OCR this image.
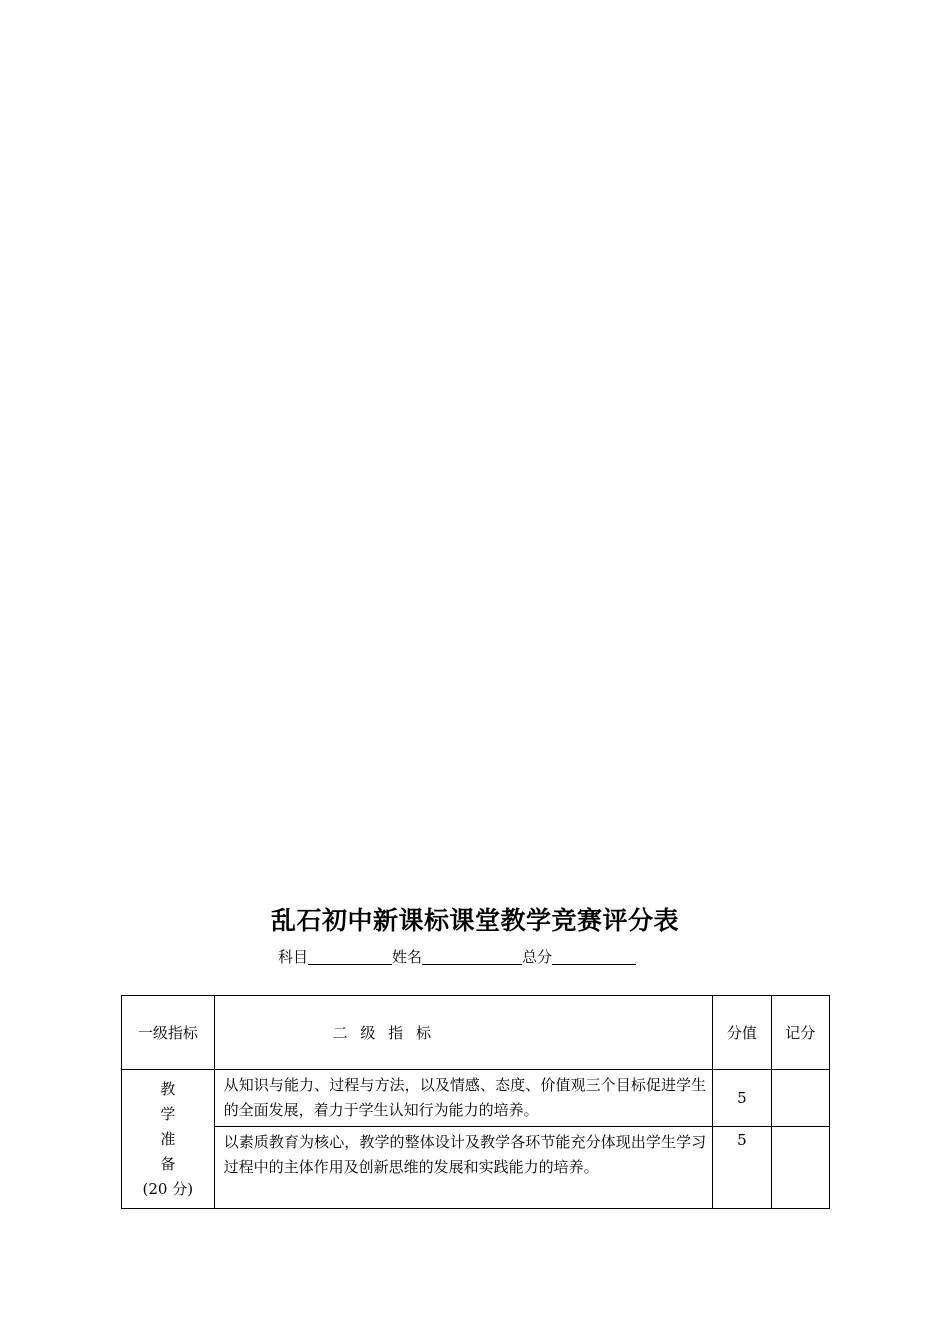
乱石初中新课标课堂教学竞赛评分表
科目	姓名	总分
一级指标	二 级 指 标	分值	记分

教
学
准
备
(20 分)	从知识与能力、过程与方法，以及情感、态度、价值观三个目标促进学生的全面发展，着力于学生认知行为能力的培养。	5	
	以素质教育为核心，教学的整体设计及教学各环节能充分体现出学生学习过程中的主体作用及创新思维的发展和实践能力的培养。	5	
